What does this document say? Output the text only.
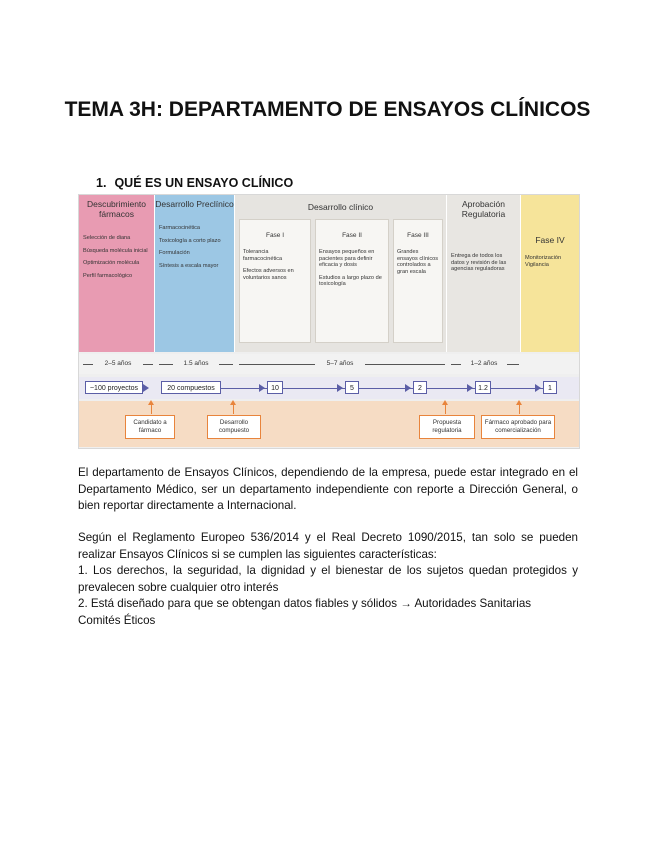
TEMA 3H: DEPARTAMENTO DE ENSAYOS CLÍNICOS
1. QUÉ ES UN ENSAYO CLÍNICO
Descubrimiento fármacos

Selección de diana

Búsqueda molécula inicial

Optimización molécula

Perfil farmacológico

Desarrollo Preclínico

Farmacocinética

Toxicología a corto plazo

Formulación

Síntesis a escala mayor

Desarrollo clínico
Fase I

Tolerancia farmacocinética

Efectos adversos en voluntarios sanos

Fase II

Ensayos pequeños en pacientes para definir eficacia y dosis

Estudios a largo plazo de toxicología

Fase III

Grandes ensayos clínicos controlados a gran escala

Aprobación Regulatoria

Entrega de todos los datos y revisión de las agencias reguladoras

Fase IV

Monitorización Vigilancia

2–5 años	1.5 años	5–7 años	1–2 años
~100 proyectos	20 compuestos	10	5	2	1.2	1
Candidato a fármaco
Desarrollo compuesto
Propuesta regulatoria
Fármaco aprobado para comercialización

El departamento de Ensayos Clínicos, dependiendo de la empresa, puede estar integrado en el Departamento Médico, ser un departamento independiente con reporte a Dirección General, o bien reportar directamente a Internacional.

Según el Reglamento Europeo 536/2014 y el Real Decreto 1090/2015, tan solo se pueden realizar Ensayos Clínicos si se cumplen las siguientes características:

1. Los derechos, la seguridad, la dignidad y el bienestar de los sujetos quedan protegidos y prevalecen sobre cualquier otro interés

2. Está diseñado para que se obtengan datos fiables y sólidos → Autoridades Sanitarias

Comités Éticos
